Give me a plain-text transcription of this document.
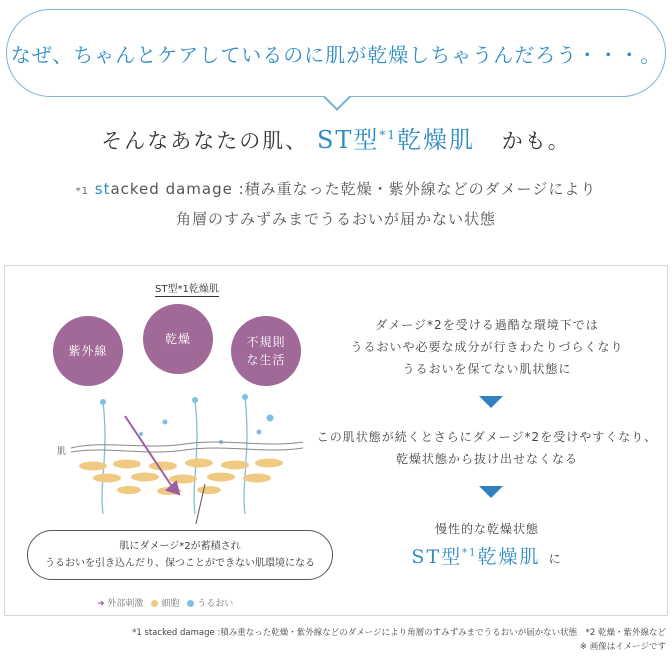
なぜ、ちゃんとケアしているのに肌が乾燥しちゃうんだろう・・・。
そんなあなたの肌、 ST型$^{*1}$乾燥肌 かも。
*1 stacked damage :積み重なった乾燥・紫外線などのダメージにより
角層のすみずみまでうるおいが届かない状態
ST型*1乾燥肌
紫外線
乾燥	不規則な生活
肌
肌にダメージ*2が蓄積され
うるおいを引き込んだり、保つことができない肌環境になる
➜ 外部刺激	細胞	うるおい
ダメージ*2を受ける過酷な環境下では
うるおいや必要な成分が行きわたりづらくなり
うるおいを保てない肌状態に
この肌状態が続くとさらにダメージ*2を受けやすくなり、
乾燥状態から抜け出せなくなる
慢性的な乾燥状態
ST型$^{*1}$乾燥肌 に
*1 stacked damage :積み重なった乾燥・紫外線などのダメージにより角層のすみずみまでうるおいが届かない状態　*2 乾燥・紫外線など
※ 画像はイメージです
